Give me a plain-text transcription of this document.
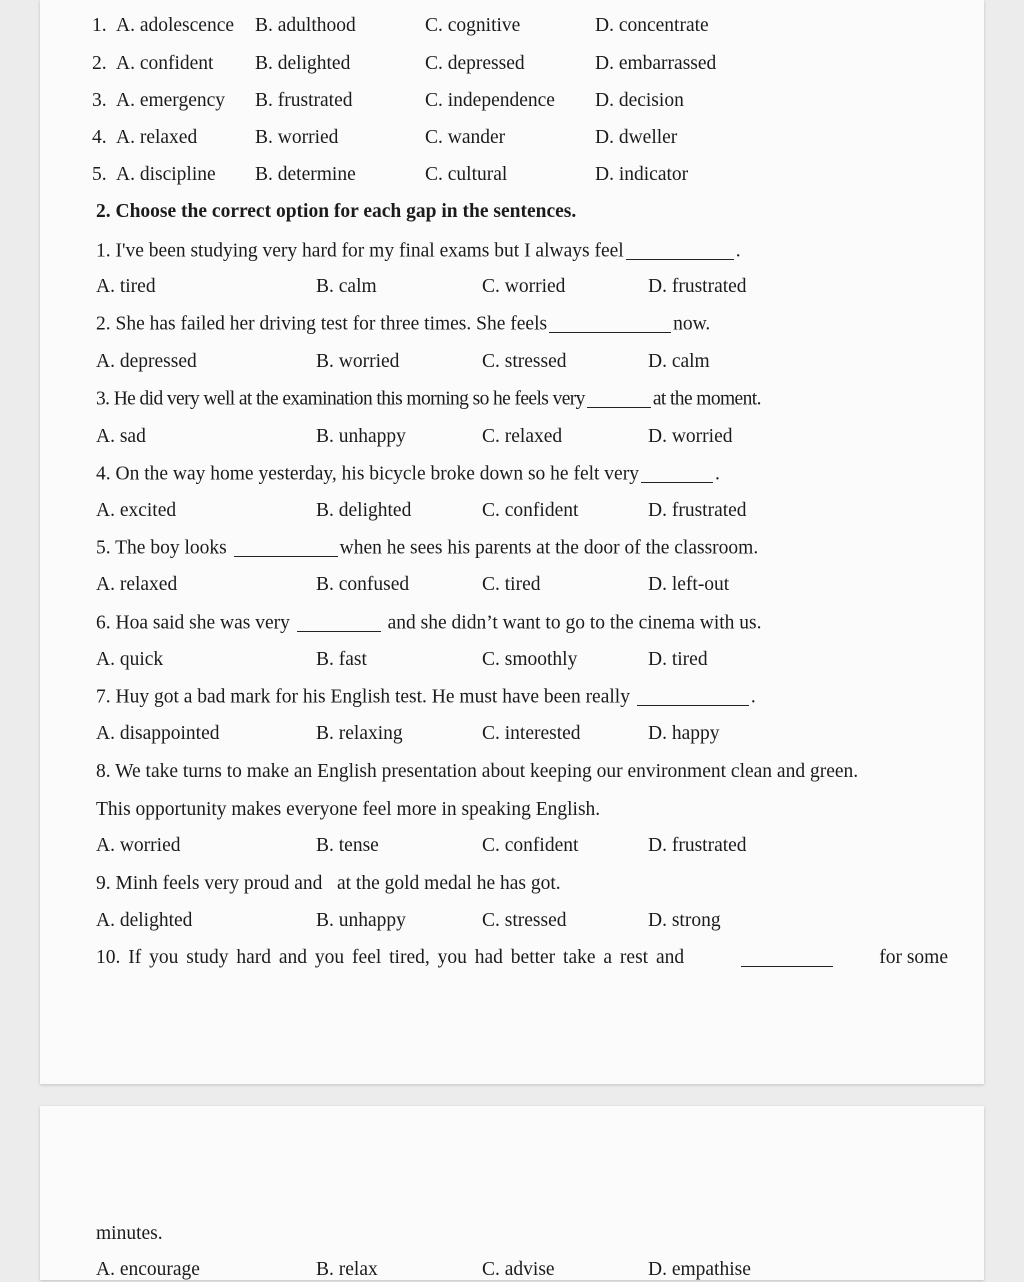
1. A. adolescence B. adulthood	C. cognitive	D. concentrate
2. A. confident B. delighted	C. depressed	D. embarrassed
3. A. emergency B. frustrated	C. independence D. decision
4. A. relaxed	B. worried	C. wander	D. dweller
5. A. discipline B. determine	C. cultural	D. indicator

2. Choose the correct option for each gap in the sentences.

1. I've been studying very hard for my final exams but I always feel	.

A. tired	B. calm	C. worried	D. frustrated

2. She has failed her driving test for three times. She feels	now.

A. depressed	B. worried	C. stressed	D. calm

3. He did very well at the examination this morning so he feels very	at the moment.

A. sad	B. unhappy	C. relaxed	D. worried

4. On the way home yesterday, his bicycle broke down so he felt very	.

A. excited	B. delighted	C. confident	D. frustrated

5. The boy looks	when he sees his parents at the door of the classroom.

A. relaxed	B. confused	C. tired	D. left-out

6. Hoa said she was very	and she didn’t want to go to the cinema with us.

A. quick	B. fast	C. smoothly	D. tired

7. Huy got a bad mark for his English test. He must have been really	.

A. disappointed	B. relaxing	C. interested	D. happy

8. We take turns to make an English presentation about keeping our environment clean and green.

This opportunity makes everyone feel more in speaking English.

A. worried	B. tense	C. confident	D. frustrated

9. Minh feels very proud and   at the gold medal he has got.

A. delighted	B. unhappy	C. stressed	D. strong

10. If you study hard and you feel tired, you had better take a rest and	for some

minutes.

A. encourage	B. relax	C. advise	D. empathise
